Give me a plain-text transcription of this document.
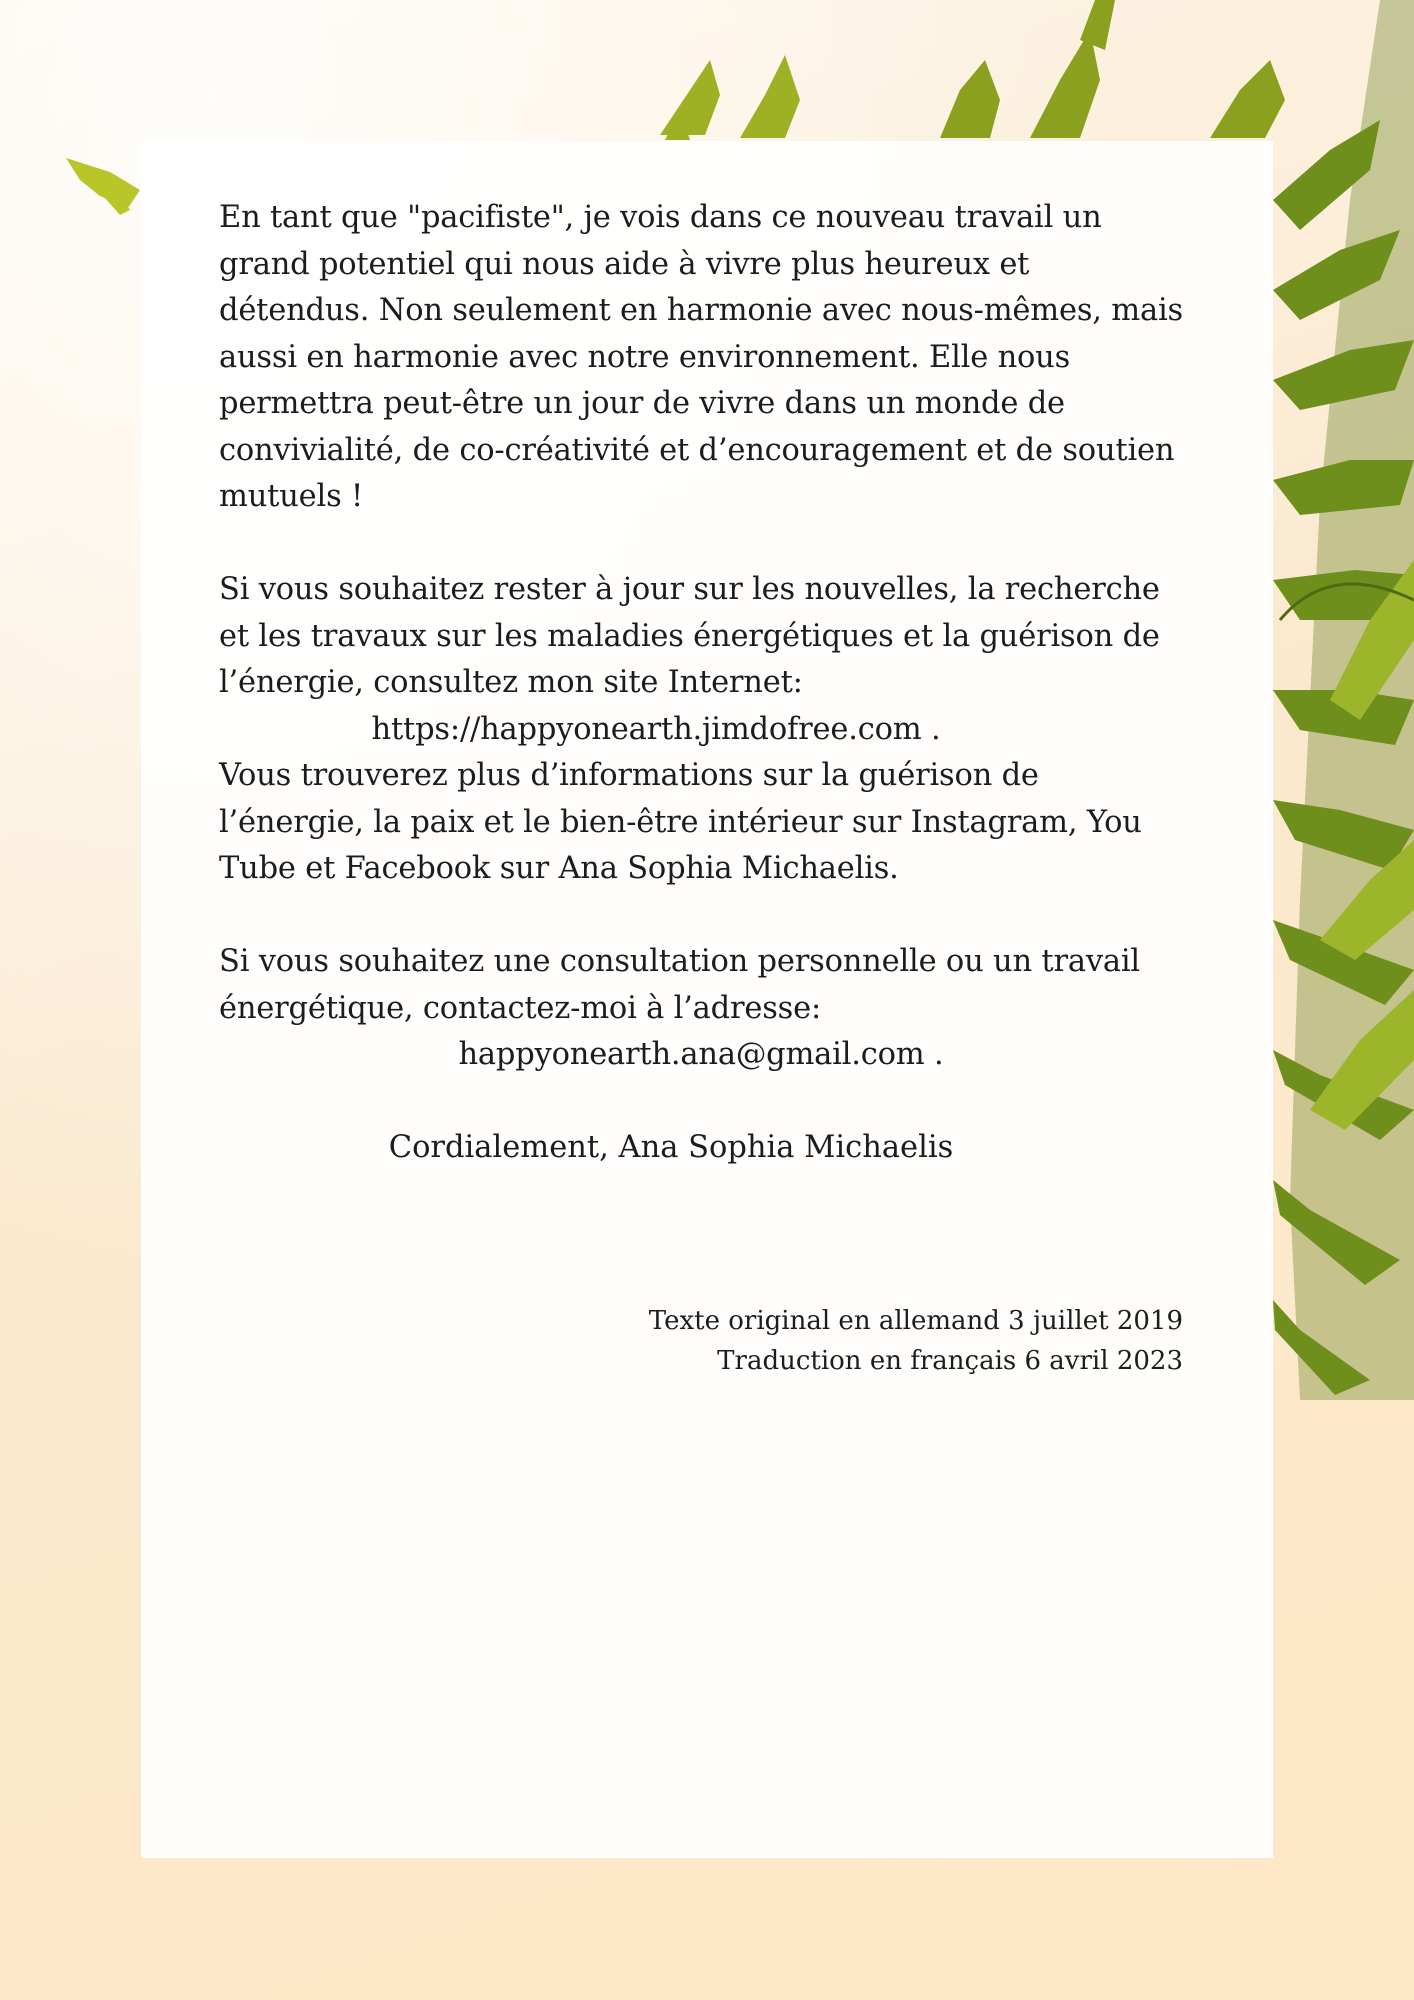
En tant que "pacifiste", je vois dans ce nouveau travail un grand potentiel qui nous aide à vivre plus heureux et détendus. Non seulement en harmonie avec nous-mêmes, mais aussi en harmonie avec notre environnement. Elle nous permettra peut-être un jour de vivre dans un monde de convivialité, de co-créativité et d’encouragement et de soutien mutuels !

Si vous souhaitez rester à jour sur les nouvelles, la recherche et les travaux sur les maladies énergétiques et la guérison de l’énergie, consultez mon site Internet:
https://happyonearth.jimdofree.com .
Vous trouverez plus d’informations sur la guérison de l’énergie, la paix et le bien-être intérieur sur Instagram, You Tube et Facebook sur Ana Sophia Michaelis.

Si vous souhaitez une consultation personnelle ou un travail énergétique, contactez-moi à l’adresse:
happyonearth.ana@gmail.com .

Cordialement, Ana Sophia Michaelis
Texte original en allemand 3 juillet 2019
Traduction en français 6 avril 2023
